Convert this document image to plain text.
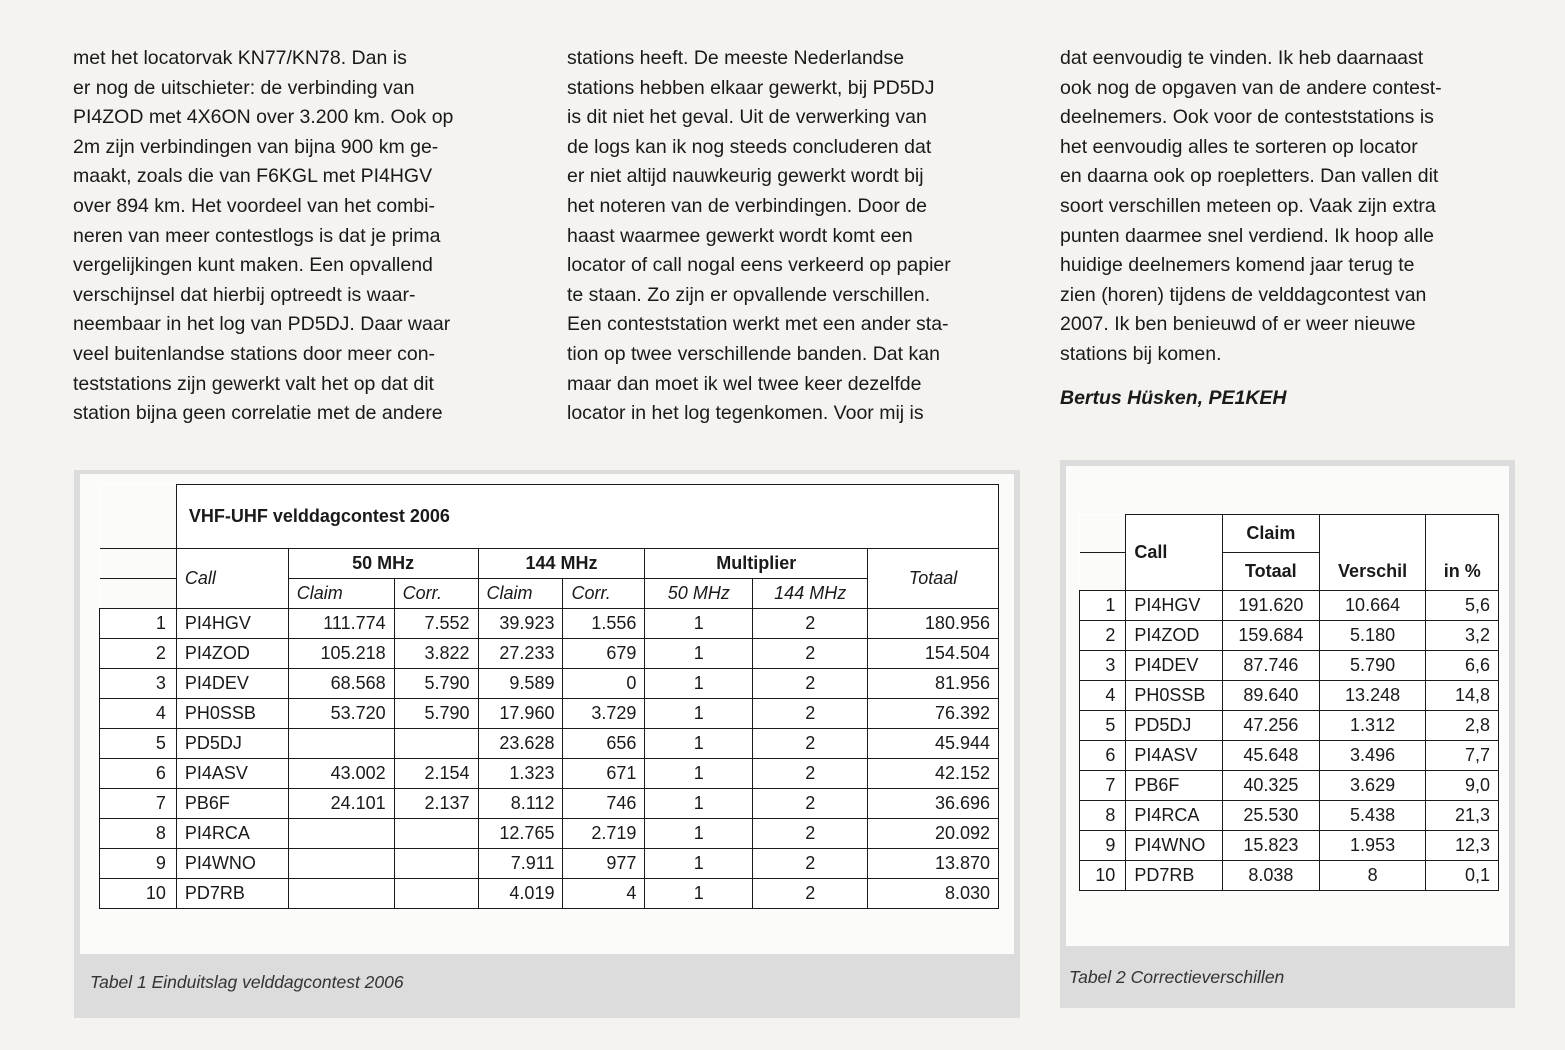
met het locatorvak KN77/KN78. Dan is
er nog de uitschieter: de verbinding van
PI4ZOD met 4X6ON over 3.200 km. Ook op
2m zijn verbindingen van bijna 900 km ge-
maakt, zoals die van F6KGL met PI4HGV
over 894 km. Het voordeel van het combi-
neren van meer contestlogs is dat je prima
vergelijkingen kunt maken. Een opvallend
verschijnsel dat hierbij optreedt is waar-
neembaar in het log van PD5DJ. Daar waar
veel buitenlandse stations door meer con-
teststations zijn gewerkt valt het op dat dit
station bijna geen correlatie met de andere
stations heeft. De meeste Nederlandse
stations hebben elkaar gewerkt, bij PD5DJ
is dit niet het geval. Uit de verwerking van
de logs kan ik nog steeds concluderen dat
er niet altijd nauwkeurig gewerkt wordt bij
het noteren van de verbindingen. Door de
haast waarmee gewerkt wordt komt een
locator of call nogal eens verkeerd op papier
te staan. Zo zijn er opvallende verschillen.
Een conteststation werkt met een ander sta-
tion op twee verschillende banden. Dat kan
maar dan moet ik wel twee keer dezelfde
locator in het log tegenkomen. Voor mij is
dat eenvoudig te vinden. Ik heb daarnaast
ook nog de opgaven van de andere contest-
deelnemers. Ook voor de conteststations is
het eenvoudig alles te sorteren op locator
en daarna ook op roepletters. Dan vallen dit
soort verschillen meteen op. Vaak zijn extra
punten daarmee snel verdiend. Ik hoop alle
huidige deelnemers komend jaar terug te
zien (horen) tijdens de velddagcontest van
2007. Ik ben benieuwd of er weer nieuwe
stations bij komen.
Bertus Hüsken, PE1KEH
Tabel 1 Einduitslag velddagcontest 2006
	VHF-UHF velddagcontest 2006							
	Call	50 MHz		144 MHz		Multiplier		Totaal
		Claim	Corr.	Claim	Corr.	50 MHz	144 MHz	
1	PI4HGV	111.774	7.552	39.923	1.556	1	2	180.956
2	PI4ZOD	105.218	3.822	27.233	679	1	2	154.504
3	PI4DEV	68.568	5.790	9.589	0	1	2	81.956
4	PH0SSB	53.720	5.790	17.960	3.729	1	2	76.392
5	PD5DJ			23.628	656	1	2	45.944
6	PI4ASV	43.002	2.154	1.323	671	1	2	42.152
7	PB6F	24.101	2.137	8.112	746	1	2	36.696
8	PI4RCA			12.765	2.719	1	2	20.092
9	PI4WNO			7.911	977	1	2	13.870
10	PD7RB			4.019	4	1	2	8.030
Tabel 2 Correctieverschillen
	Call	Claim		
		Totaal	Verschil	in %
1	PI4HGV	191.620	10.664	5,6
2	PI4ZOD	159.684	5.180	3,2
3	PI4DEV	87.746	5.790	6,6
4	PH0SSB	89.640	13.248	14,8
5	PD5DJ	47.256	1.312	2,8
6	PI4ASV	45.648	3.496	7,7
7	PB6F	40.325	3.629	9,0
8	PI4RCA	25.530	5.438	21,3
9	PI4WNO	15.823	1.953	12,3
10	PD7RB	8.038	8	0,1
